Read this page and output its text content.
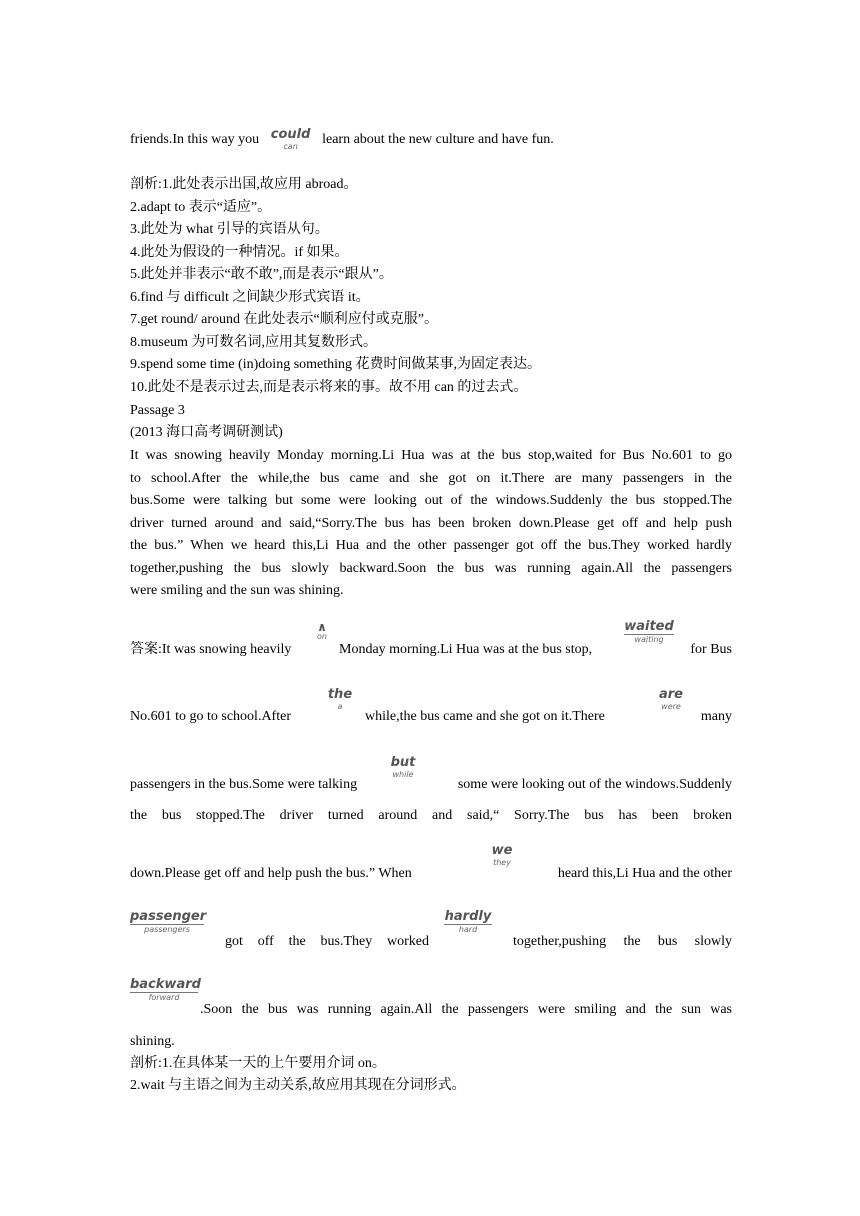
friends.In this way you could
can	learn about the new culture and have fun.
剖析:1.此处表示出国,故应用 abroad。
2.adapt to 表示“适应”。
3.此处为 what 引导的宾语从句。
4.此处为假设的一种情况。if 如果。
5.此处并非表示“敢不敢”,而是表示“跟从”。
6.find 与 difficult 之间缺少形式宾语 it。
7.get round/ around 在此处表示“顺利应付或克服”。
8.museum 为可数名词,应用其复数形式。
9.spend some time (in)doing something 花费时间做某事,为固定表达。
10.此处不是表示过去,而是表示将来的事。故不用 can 的过去式。
Passage 3
(2013 海口高考调研测试)
It was snowing heavily Monday morning.Li Hua was at the bus stop,waited for Bus No.601 to go
to school.After the while,the bus came and she got on it.There are many passengers in the
bus.Some were talking but some were looking out of the windows.Suddenly the bus stopped.The
driver turned around and said,“Sorry.The bus has been broken down.Please get off and help push
the bus.” When we heard this,Li Hua and the other passenger got off the bus.They worked hardly
together,pushing the bus slowly backward.Soon the bus was running again.All the passengers
were smiling and the sun was shining.
答案:It was snowing heavily
∧
on
Monday morning.Li Hua was at the bus stop,
waited
waiting
for Bus
No.601 to go to school.After
the
a
while,the bus came and she got on it.There
are
were
many
passengers in the bus.Some were talking
but
while
some were looking out of the windows.Suddenly
the bus stopped.The driver turned around and said,“ Sorry.The bus has been broken
down.Please get off and help push the bus.” When
we
they
heard this,Li Hua and the other
passenger
passengers
got off the bus.They worked
hardly
hard
together,pushing the bus slowly
backward
forward
.Soon the bus was running again.All the passengers were smiling and the sun was
shining.
剖析:1.在具体某一天的上午要用介词 on。
2.wait 与主语之间为主动关系,故应用其现在分词形式。
